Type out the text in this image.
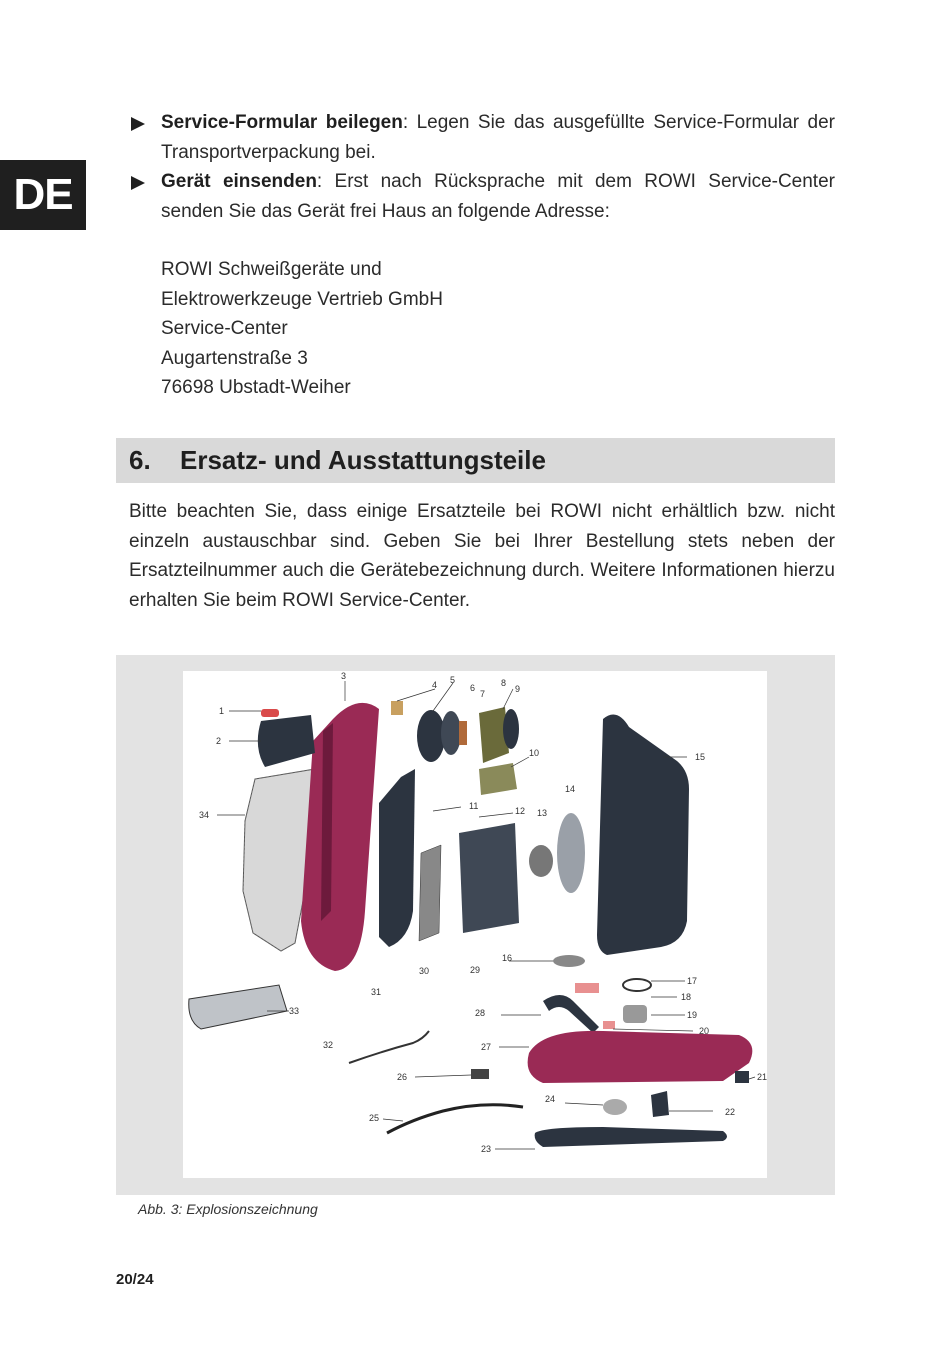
DE
Service-Formular beilegen: Legen Sie das ausgefüllte Service-Formular der Transportverpackung bei.
Gerät einsenden: Erst nach Rücksprache mit dem ROWI Service-Center senden Sie das Gerät frei Haus an folgende Adresse:
ROWI Schweißgeräte und
Elektrowerkzeuge Vertrieb GmbH
Service-Center
Augartenstraße 3
76698 Ubstadt-Weiher
6.	Ersatz- und Ausstattungsteile
Bitte beachten Sie, dass einige Ersatzteile bei ROWI nicht erhältlich bzw. nicht einzeln austauschbar sind. Geben Sie bei Ihrer Bestellung stets neben der Ersatzteilnummer auch die Gerätebezeichnung durch. Weitere Informationen hierzu erhalten Sie beim ROWI Service-Center.
1
2
3
4 5
6
7
8
9
10
11	12 13
14
15
16
17
18
19
20
21
22
23
24
25
26
27
28
29
30
31
32
33
34
Abb. 3: Explosionszeichnung
20/24
